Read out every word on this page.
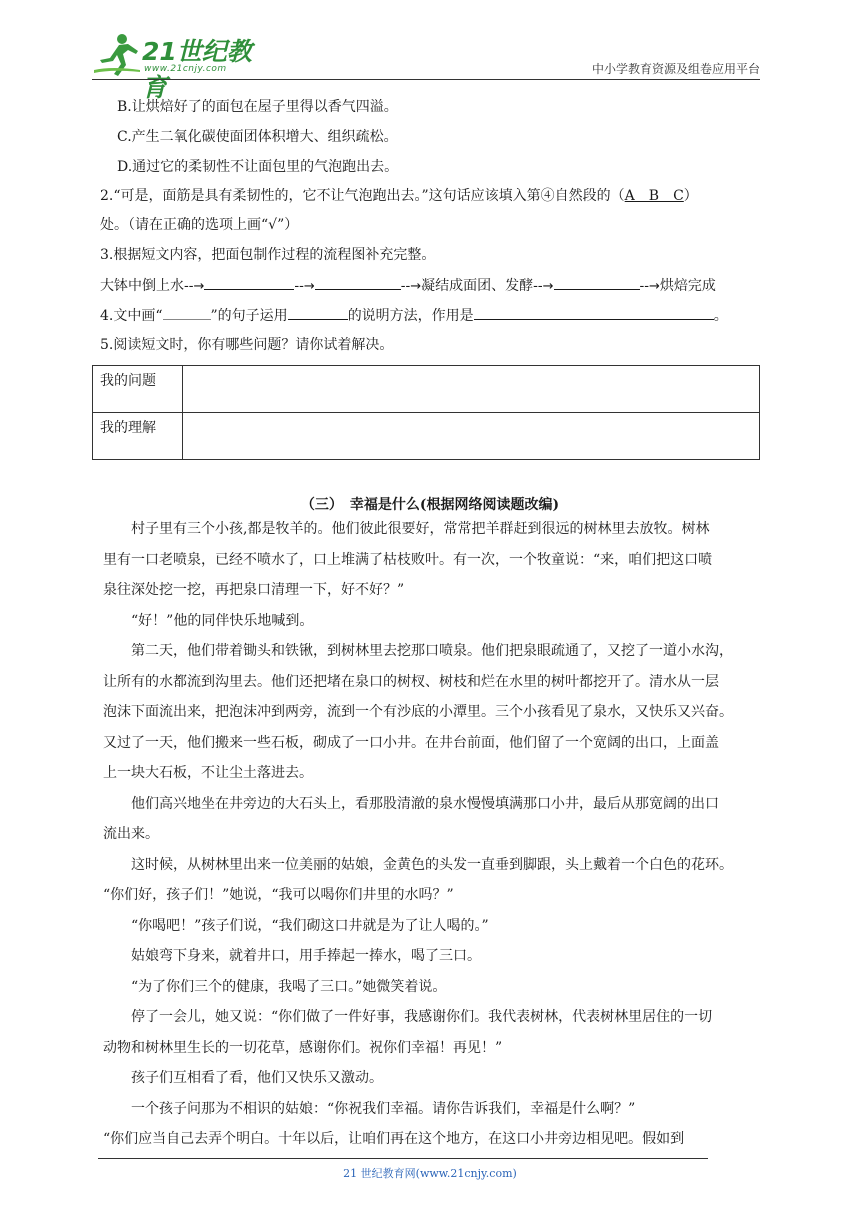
21世纪教育
www.21cnjy.com	中小学教育资源及组卷应用平台
B.让烘焙好了的面包在屋子里得以香气四溢。
C.产生二氧化碳使面团体积增大、组织疏松。
D.通过它的柔韧性不让面包里的气泡跑出去。
2.“可是，面筋是具有柔韧性的，它不让气泡跑出去。”这句话应该填入第④自然段的（A　B　C）
处。（请在正确的选项上画“√”）
3.根据短文内容，把面包制作过程的流程图补充完整。
大钵中倒上水--→	--→	--→凝结成面团、发酵--→	--→烘焙完成
4.文中画“	”的句子运用	的说明方法，作用是	。
5.阅读短文时，你有哪些问题？请你试着解决。
我的问题	
我的理解	
（三）　幸福是什么(根据网络阅读题改编)
　　村子里有三个小孩,都是牧羊的。他们彼此很要好，常常把羊群赶到很远的树林里去放牧。树林
里有一口老喷泉，已经不喷水了，口上堆满了枯枝败叶。有一次，一个牧童说：“来，咱们把这口喷
泉往深处挖一挖，再把泉口清理一下，好不好？”
　　“好！”他的同伴快乐地喊到。
　　第二天，他们带着锄头和铁锹，到树林里去挖那口喷泉。他们把泉眼疏通了，又挖了一道小水沟，
让所有的水都流到沟里去。他们还把堵在泉口的树杈、树枝和烂在水里的树叶都挖开了。清水从一层
泡沫下面流出来，把泡沫冲到两旁，流到一个有沙底的小潭里。三个小孩看见了泉水，又快乐又兴奋。
又过了一天，他们搬来一些石板，砌成了一口小井。在井台前面，他们留了一个宽阔的出口，上面盖
上一块大石板，不让尘土落进去。
　　他们高兴地坐在井旁边的大石头上，看那股清澈的泉水慢慢填满那口小井，最后从那宽阔的出口
流出来。
　　这时候，从树林里出来一位美丽的姑娘，金黄色的头发一直垂到脚跟，头上戴着一个白色的花环。
“你们好，孩子们！”她说，“我可以喝你们井里的水吗？”
　　“你喝吧！”孩子们说，“我们砌这口井就是为了让人喝的。”
　　姑娘弯下身来，就着井口，用手捧起一捧水，喝了三口。
　　“为了你们三个的健康，我喝了三口。”她微笑着说。
　　停了一会儿，她又说：“你们做了一件好事，我感谢你们。我代表树林，代表树林里居住的一切
动物和树林里生长的一切花草，感谢你们。祝你们幸福！再见！”
　　孩子们互相看了看，他们又快乐又激动。
　　一个孩子问那为不相识的姑娘：“你祝我们幸福。请你告诉我们，幸福是什么啊？”
“你们应当自己去弄个明白。十年以后，让咱们再在这个地方，在这口小井旁边相见吧。假如到
21 世纪教育网(www.21cnjy.com)
